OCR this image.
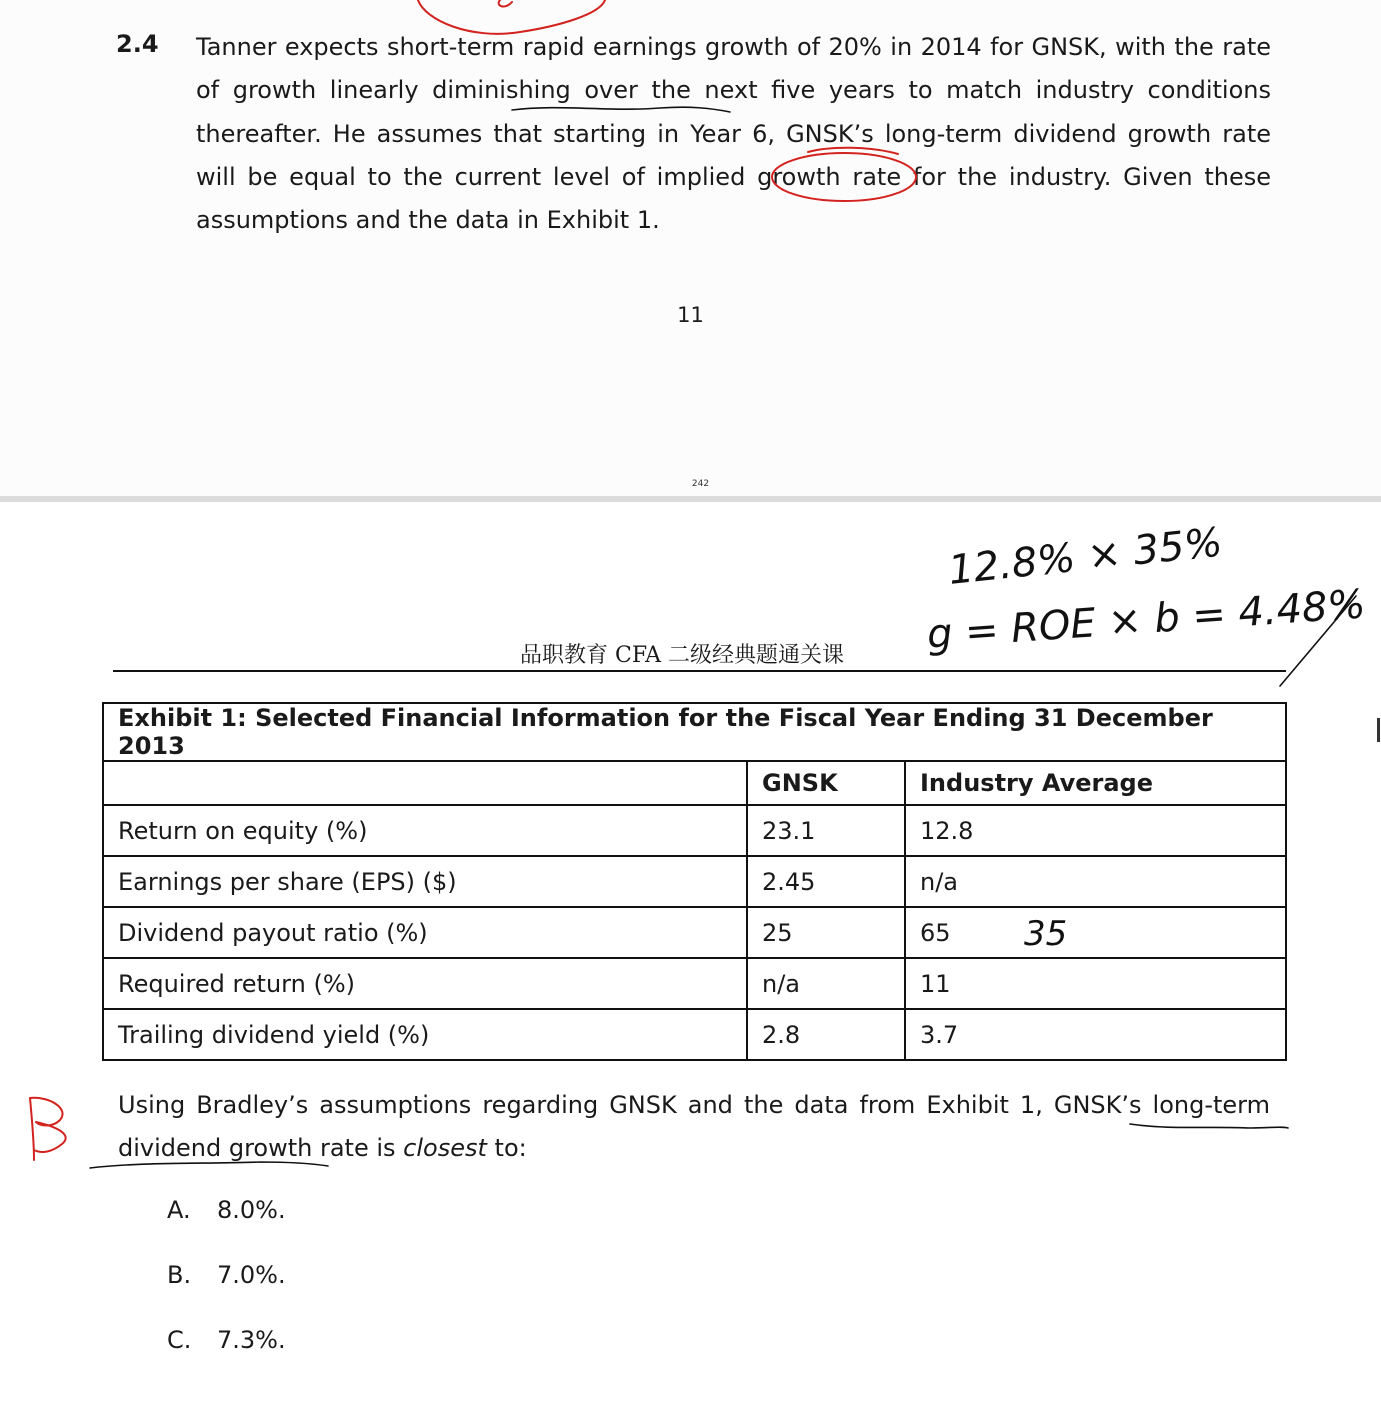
2.4 Tanner expects short-term rapid earnings growth of 20% in 2014 for GNSK, with the rate of growth linearly diminishing over the next five years to match industry conditions thereafter. He assumes that starting in Year 6, GNSK’s long-term dividend growth rate will be equal to the current level of implied growth rate for the industry. Given these assumptions and the data in Exhibit 1.

11
242
品职教育 CFA 二级经典题通关课
Exhibit 1: Selected Financial Information for the Fiscal Year Ending 31 December 2013		
	GNSK	Industry Average
Return on equity (%)	23.1	12.8
Earnings per share (EPS) ($)	2.45	n/a
Dividend payout ratio (%)	25	65
Required return (%)	n/a	11
Trailing dividend yield (%)	2.8	3.7

Using Bradley’s assumptions regarding GNSK and the data from Exhibit 1, GNSK’s long-term dividend growth rate is closest to:

A. 8.0%.
B. 7.0%.
C. 7.3%.
12.8% × 35%
g = ROE × b = 4.48%
35
